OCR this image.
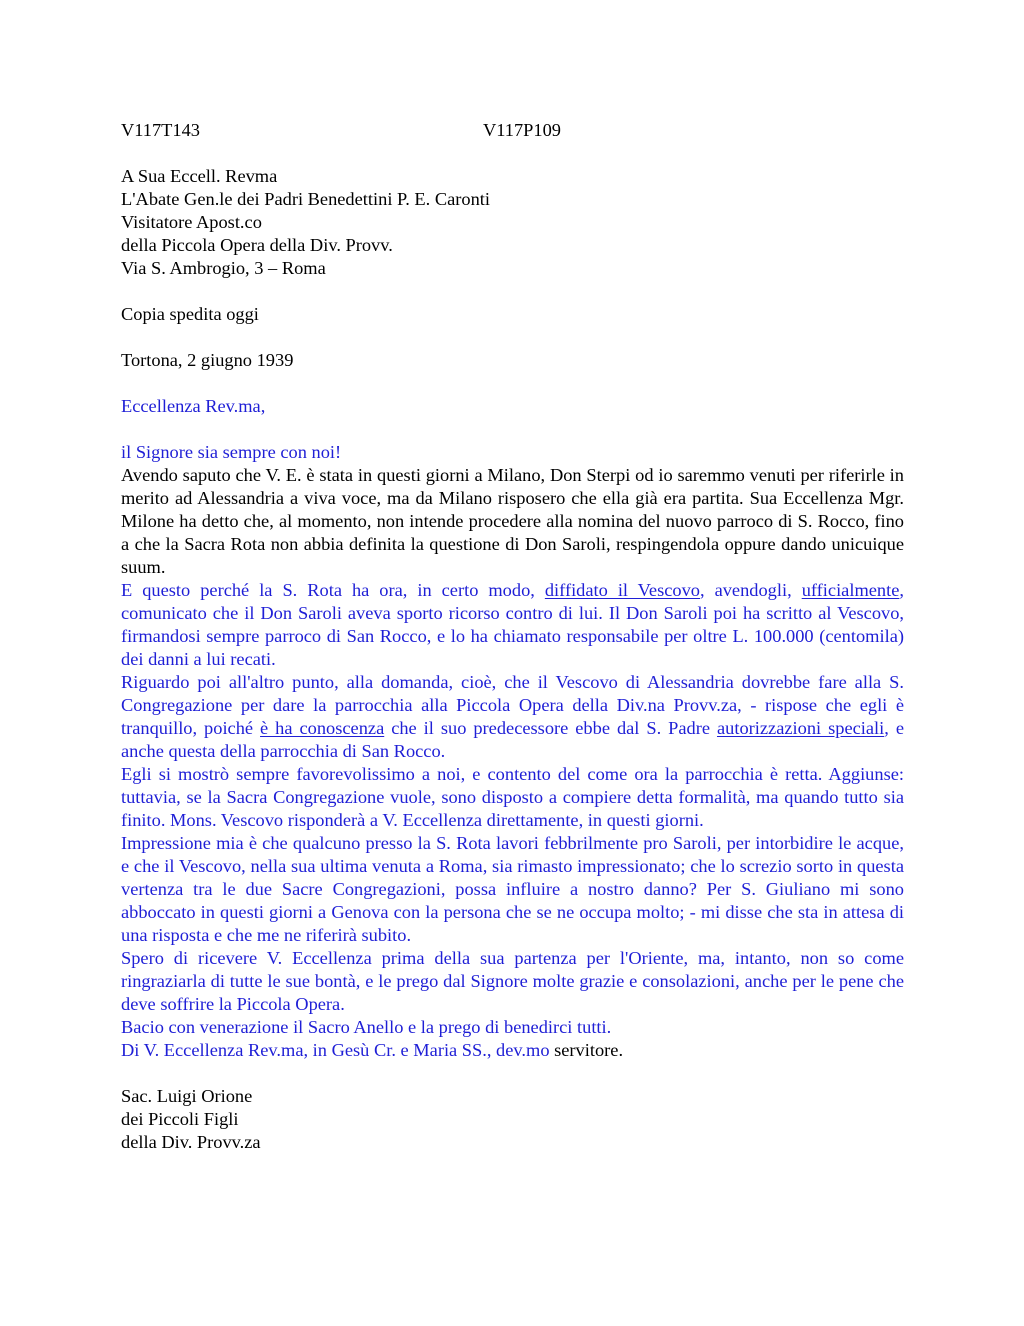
V117T143	V117P109

A Sua Eccell. Revma

L'Abate Gen.le dei Padri Benedettini P. E. Caronti

Visitatore Apost.co

della Piccola Opera della Div. Provv.

Via S. Ambrogio, 3 – Roma

Copia spedita oggi

Tortona, 2 giugno 1939

Eccellenza Rev.ma,

il Signore sia sempre con noi!

Avendo saputo che V. E. è stata in questi giorni a Milano, Don Sterpi od io saremmo venuti per riferirle in merito ad Alessandria a viva voce, ma da Milano risposero che ella già era partita. Sua Eccellenza Mgr. Milone ha detto che, al momento, non intende procedere alla nomina del nuovo parroco di S. Rocco, fino a che la Sacra Rota non abbia definita la questione di Don Saroli, respingendola oppure dando unicuique suum.

E questo perché la S. Rota ha ora, in certo modo, diffidato il Vescovo, avendogli, ufficialmente, comunicato che il Don Saroli aveva sporto ricorso contro di lui. Il Don Saroli poi ha scritto al Vescovo, firmandosi sempre parroco di San Rocco, e lo ha chiamato responsabile per oltre L. 100.000 (centomila) dei danni a lui recati.

Riguardo poi all'altro punto, alla domanda, cioè, che il Vescovo di Alessandria dovrebbe fare alla S. Congregazione per dare la parrocchia alla Piccola Opera della Div.na Provv.za, - rispose che egli è tranquillo, poiché è ha conoscenza che il suo predecessore ebbe dal S. Padre autorizzazioni speciali, e anche questa della parrocchia di San Rocco.

Egli si mostrò sempre favorevolissimo a noi, e contento del come ora la parrocchia è retta. Aggiunse: tuttavia, se la Sacra Congregazione vuole, sono disposto a compiere detta formalità, ma quando tutto sia finito. Mons. Vescovo risponderà a V. Eccellenza direttamente, in questi giorni.

Impressione mia è che qualcuno presso la S. Rota lavori febbrilmente pro Saroli, per intorbidire le acque, e che il Vescovo, nella sua ultima venuta a Roma, sia rimasto impressionato; che lo screzio sorto in questa vertenza tra le due Sacre Congregazioni, possa influire a nostro danno? Per S. Giuliano mi sono abboccato in questi giorni a Genova con la persona che se ne occupa molto; - mi disse che sta in attesa di una risposta e che me ne riferirà subito.

Spero di ricevere V. Eccellenza prima della sua partenza per l'Oriente, ma, intanto, non so come ringraziarla di tutte le sue bontà, e le prego dal Signore molte grazie e consolazioni, anche per le pene che deve soffrire la Piccola Opera.

Bacio con venerazione il Sacro Anello e la prego di benedirci tutti.

Di V. Eccellenza Rev.ma, in Gesù Cr. e Maria SS., dev.mo servitore.

Sac. Luigi Orione

dei Piccoli Figli

della Div. Provv.za
